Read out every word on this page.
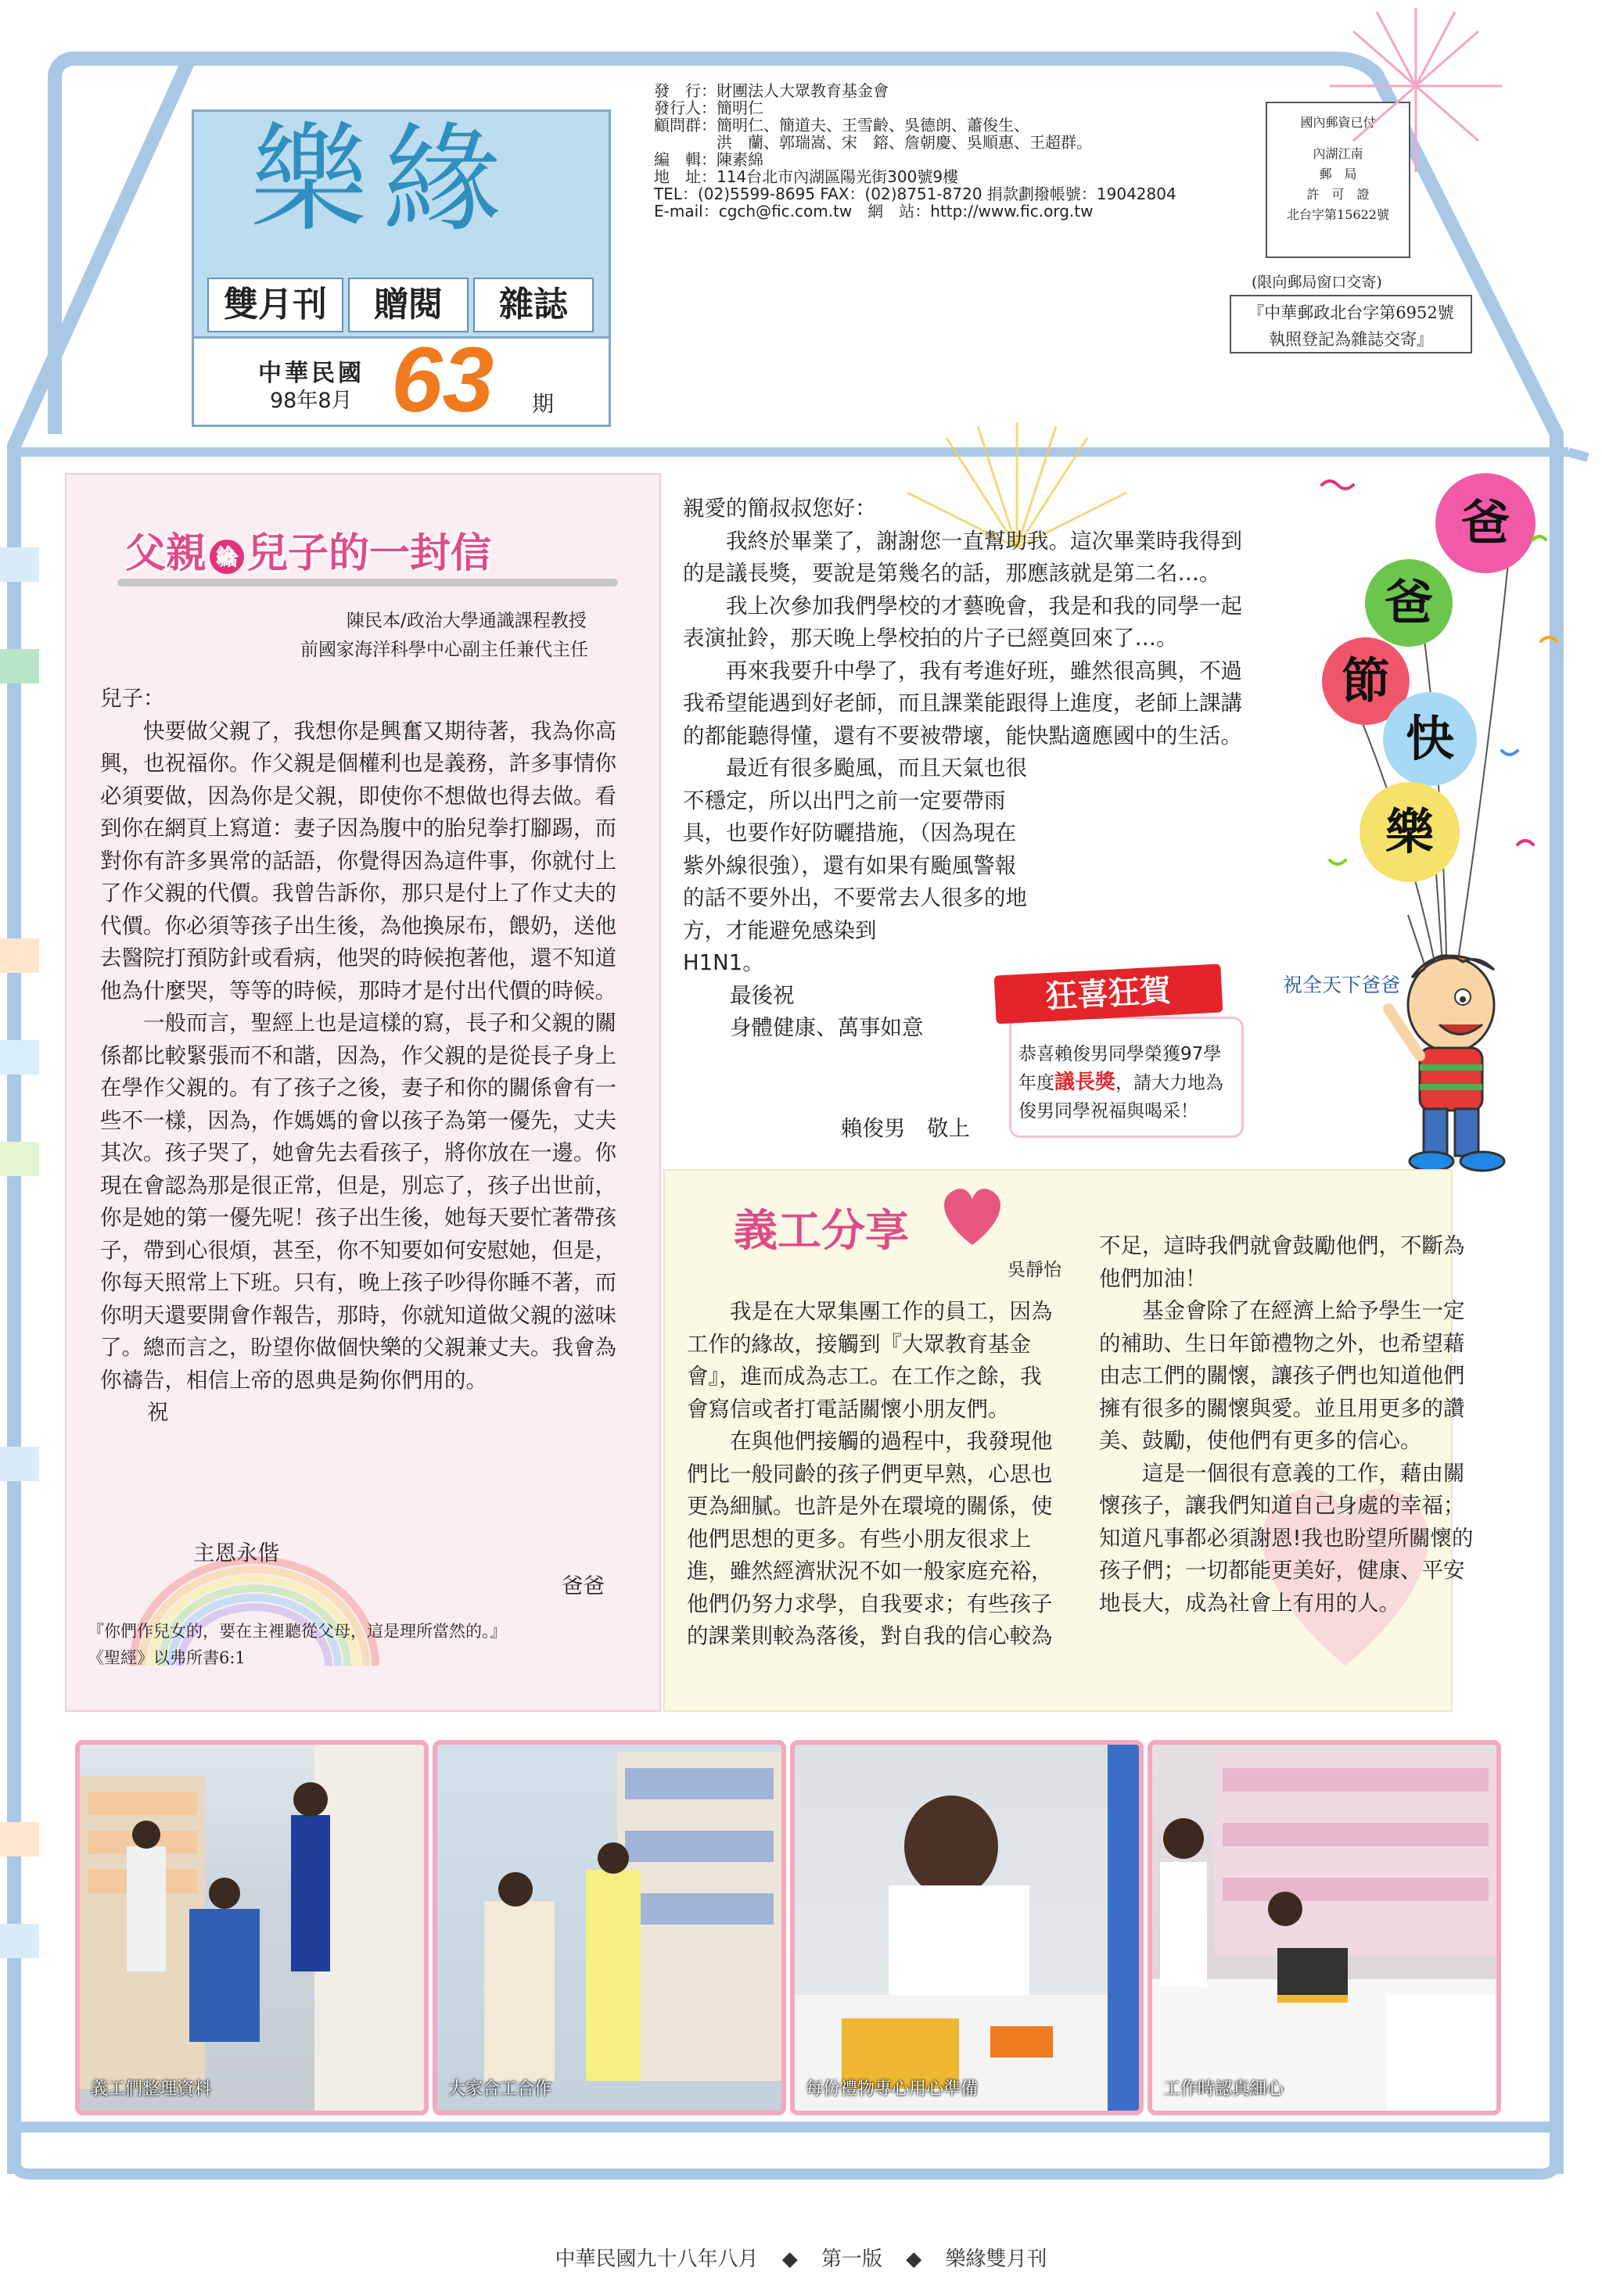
樂緣
雙月刊	贈閱	雜誌
中華民國
98年8月 63 期

發　行：財團法人大眾教育基金會

發行人：簡明仁

顧問群：簡明仁、簡道夫、王雪齡、吳德朗、蕭俊生、

　　　　洪　蘭、郭瑞嵩、宋　鎔、詹朝慶、吳順惠、王超群。

編　輯：陳素綿

地　址：114台北市內湖區陽光街300號9樓

TEL：(02)5599-8695 FAX：(02)8751-8720 捐款劃撥帳號：19042804

E-mail：cgch@fic.com.tw　網　站：http://www.fic.org.tw

國內郵資已付
內湖江南
郵　局
許　可　證
北台字第15622號
(限向郵局窗口交寄)
『中華郵政北台字第6952號
執照登記為雜誌交寄』
父親 給 兒子的一封信
陳民本/政治大學通識課程教授
前國家海洋科學中心副主任兼代主任

兒子：

快要做父親了，我想你是興奮又期待著，我為你高興，也祝福你。作父親是個權利也是義務，許多事情你必須要做，因為你是父親，即使你不想做也得去做。看到你在網頁上寫道：妻子因為腹中的胎兒拳打腳踢，而對你有許多異常的話語，你覺得因為這件事，你就付上了作父親的代價。我曾告訴你，那只是付上了作丈夫的代價。你必須等孩子出生後，為他換尿布，餵奶，送他去醫院打預防針或看病，他哭的時候抱著他，還不知道他為什麼哭，等等的時候，那時才是付出代價的時候。

一般而言，聖經上也是這樣的寫，長子和父親的關係都比較緊張而不和諧，因為，作父親的是從長子身上在學作父親的。有了孩子之後，妻子和你的關係會有一些不一樣，因為，作媽媽的會以孩子為第一優先，丈夫其次。孩子哭了，她會先去看孩子，將你放在一邊。你現在會認為那是很正常，但是，別忘了，孩子出世前，你是她的第一優先呢！孩子出生後，她每天要忙著帶孩子，帶到心很煩，甚至，你不知要如何安慰她，但是，你每天照常上下班。只有，晚上孩子吵得你睡不著，而你明天還要開會作報告，那時，你就知道做父親的滋味了。總而言之，盼望你做個快樂的父親兼丈夫。我會為你禱告，相信上帝的恩典是夠你們用的。

祝

主恩永偕
爸爸
『你們作兒女的，要在主裡聽從父母，這是理所當然的。』
《聖經》以弗所書6:1

親愛的簡叔叔您好：

我終於畢業了，謝謝您一直幫助我。這次畢業時我得到的是議長獎，要說是第幾名的話，那應該就是第二名…。

我上次參加我們學校的才藝晚會，我是和我的同學一起表演扯鈴，那天晚上學校拍的片子已經奠回來了…。

再來我要升中學了，我有考進好班，雖然很高興，不過我希望能遇到好老師，而且課業能跟得上進度，老師上課講的都能聽得懂，還有不要被帶壞，能快點適應國中的生活。

最近有很多颱風，而且天氣也很不穩定，所以出門之前一定要帶雨具，也要作好防曬措施，（因為現在紫外線很強），還有如果有颱風警報的話不要外出，不要常去人很多的地方，才能避免感染到

H1N1。

最後祝

身體健康、萬事如意

賴俊男　敬上
狂喜狂賀
恭喜賴俊男同學榮獲97學年度議長獎，請大力地為俊男同學祝福與喝采！
爸
爸
節
快
樂
祝全天下爸爸
義工分享
吳靜怡

我是在大眾集團工作的員工，因為工作的緣故，接觸到『大眾教育基金會』，進而成為志工。在工作之餘，我會寫信或者打電話關懷小朋友們。

在與他們接觸的過程中，我發現他們比一般同齡的孩子們更早熟，心思也更為細膩。也許是外在環境的關係，使他們思想的更多。有些小朋友很求上進，雖然經濟狀況不如一般家庭充裕，他們仍努力求學，自我要求；有些孩子的課業則較為落後，對自我的信心較為

不足，這時我們就會鼓勵他們，不斷為他們加油！

基金會除了在經濟上給予學生一定的補助、生日年節禮物之外，也希望藉由志工們的關懷，讓孩子們也知道他們擁有很多的關懷與愛。並且用更多的讚美、鼓勵，使他們有更多的信心。

這是一個很有意義的工作，藉由關懷孩子，讓我們知道自己身處的幸福；知道凡事都必須謝恩!我也盼望所關懷的孩子們；一切都能更美好，健康、平安地長大，成為社會上有用的人。

義工們整理資料	大家合工合作	每份禮物專心用心準備	工作時認真細心
中華民國九十八年八月 ◆ 第一版 ◆ 樂緣雙月刊
